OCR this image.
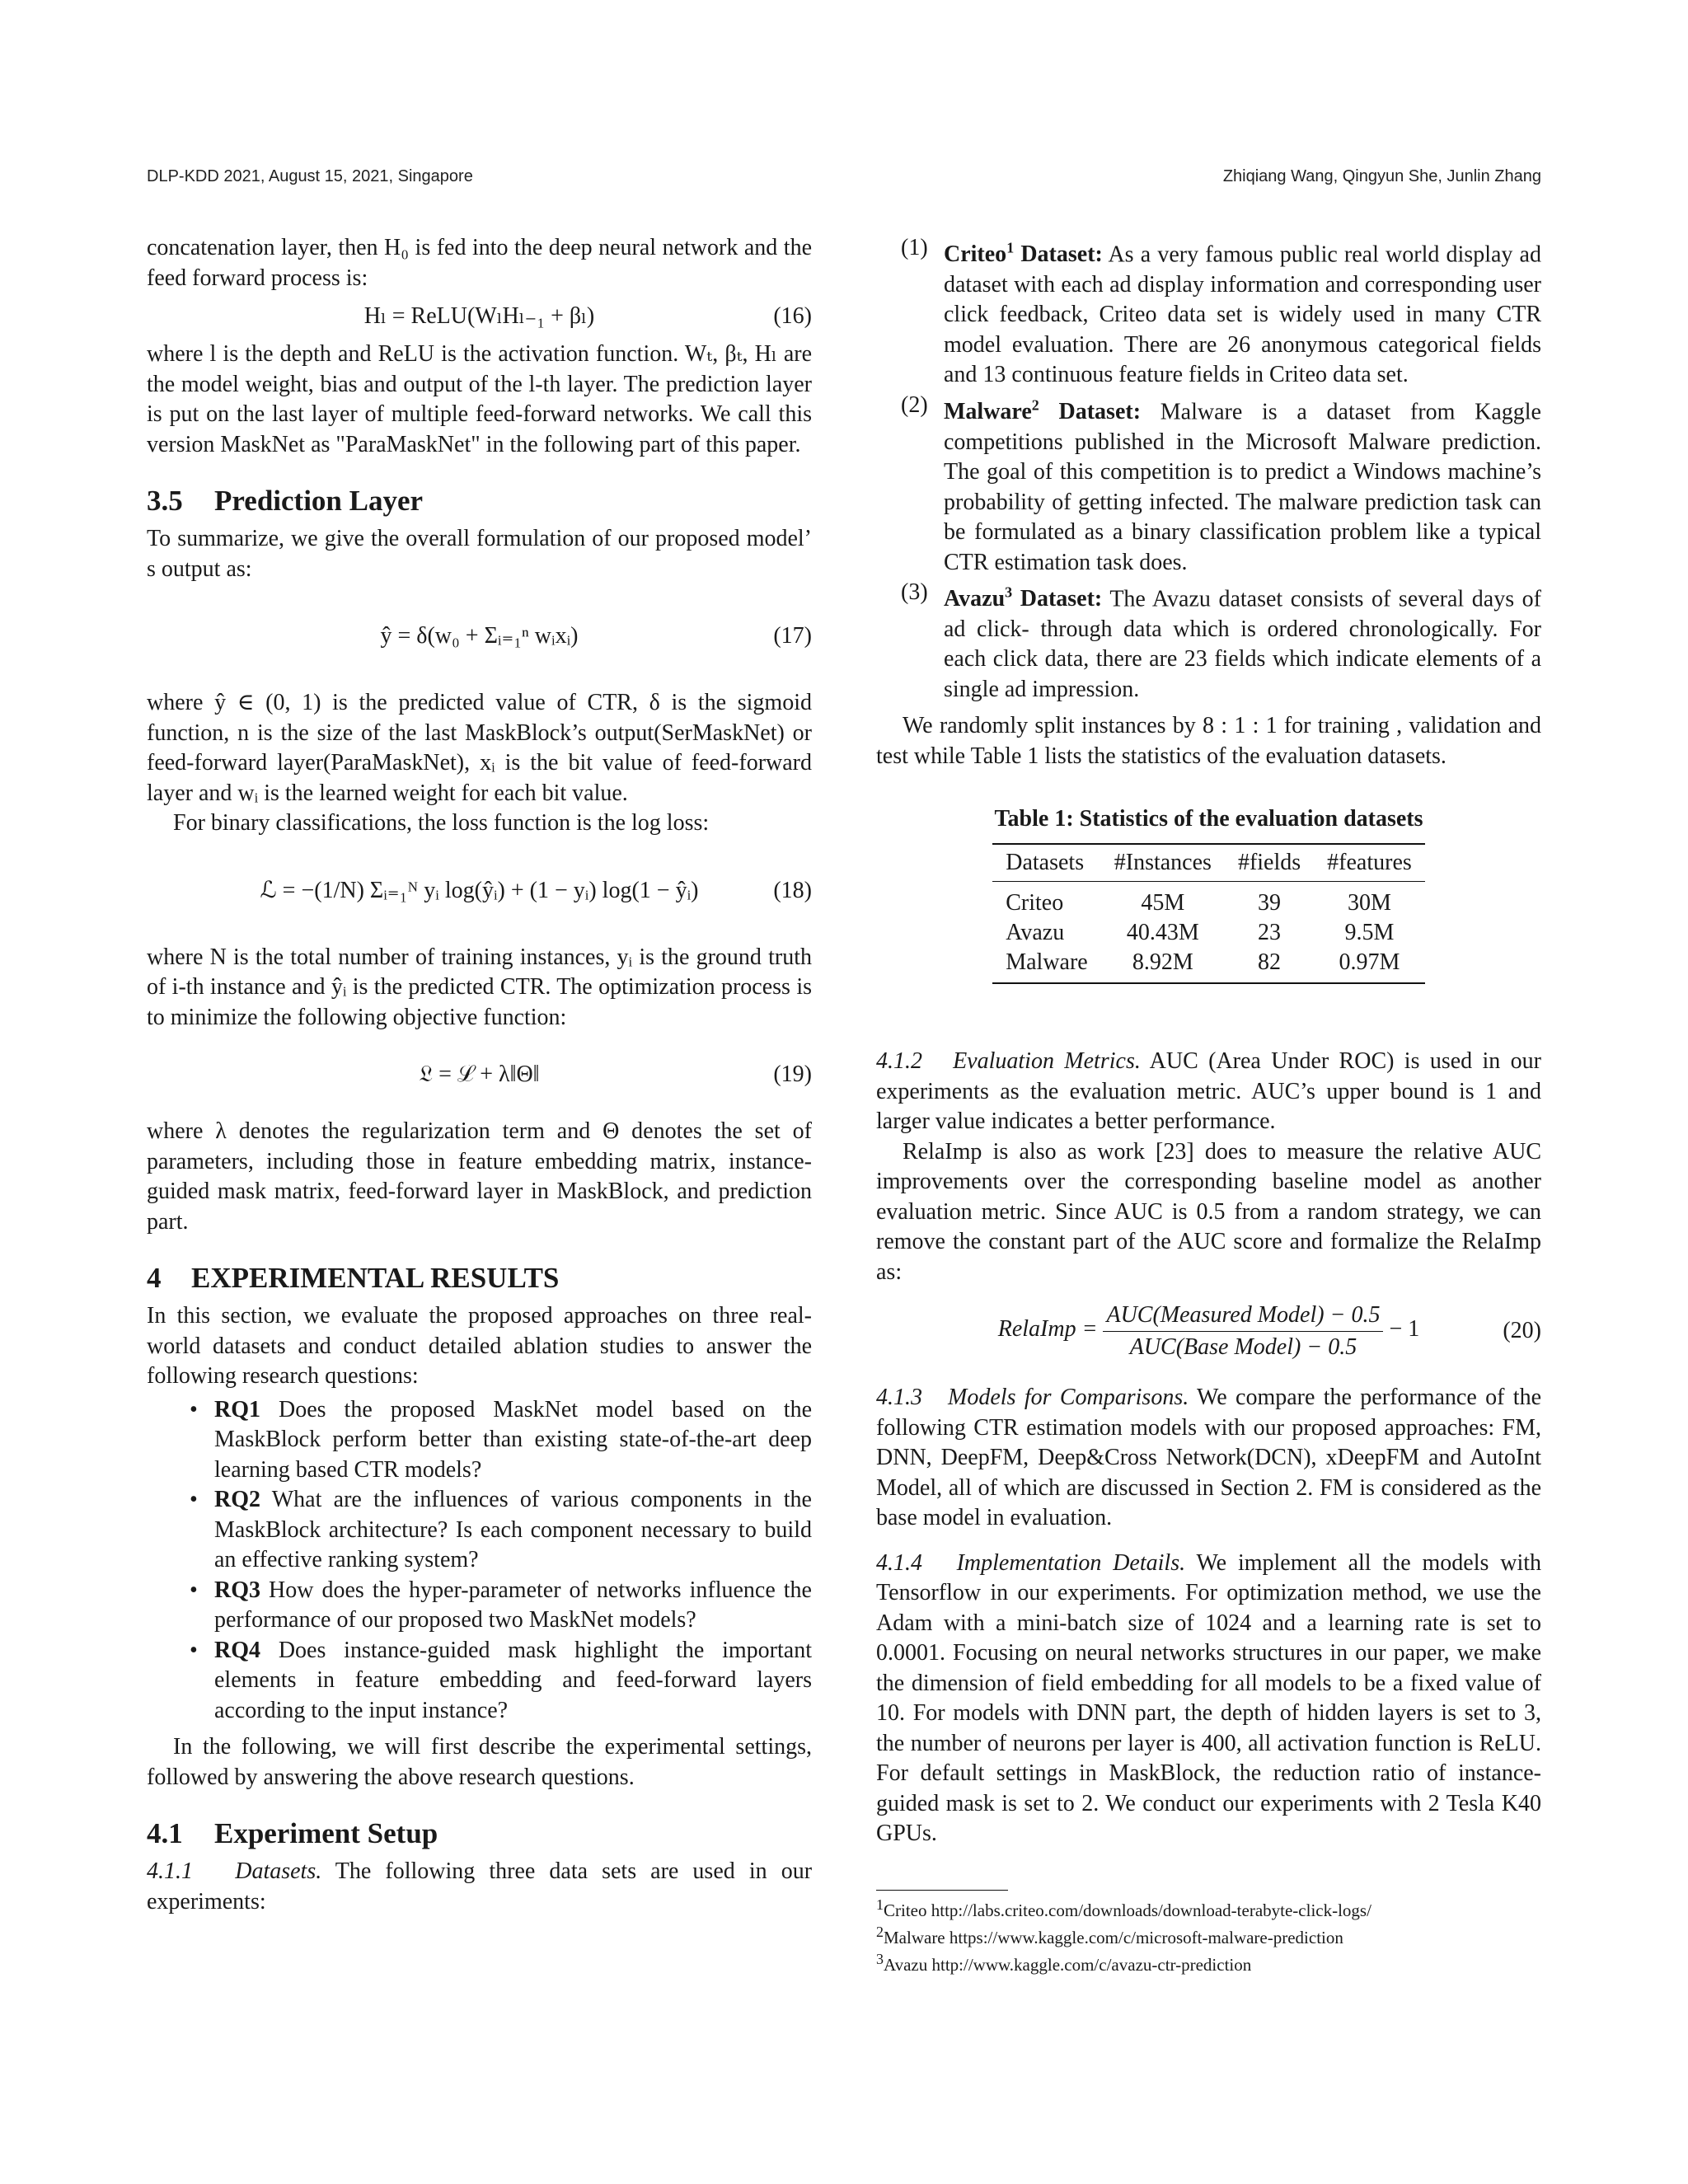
DLP-KDD 2021, August 15, 2021, Singapore	Zhiqiang Wang, Qingyun She, Junlin Zhang

concatenation layer, then H₀ is fed into the deep neural network and the feed forward process is:

Hₗ = ReLU(WₗHₗ₋₁ + βₗ)	(16)

where l is the depth and ReLU is the activation function. Wₜ, βₜ, Hₗ are the model weight, bias and output of the l-th layer. The prediction layer is put on the last layer of multiple feed-forward networks. We call this version MaskNet as "ParaMaskNet" in the following part of this paper.

3.5 Prediction Layer

To summarize, we give the overall formulation of our proposed model’ s output as:

ŷ = δ(w₀ + Σᵢ₌₁ⁿ wᵢxᵢ)	(17)

where ŷ ∈ (0, 1) is the predicted value of CTR, δ is the sigmoid function, n is the size of the last MaskBlock’s output(SerMaskNet) or feed-forward layer(ParaMaskNet), xᵢ is the bit value of feed-forward layer and wᵢ is the learned weight for each bit value.

For binary classifications, the loss function is the log loss:

ℒ = −(1/N) Σᵢ₌₁ᴺ yᵢ log(ŷᵢ) + (1 − yᵢ) log(1 − ŷᵢ)	(18)

where N is the total number of training instances, yᵢ is the ground truth of i-th instance and ŷᵢ is the predicted CTR. The optimization process is to minimize the following objective function:

𝔏 = ℒ + λ‖Θ‖	(19)

where λ denotes the regularization term and Θ denotes the set of parameters, including those in feature embedding matrix, instance-guided mask matrix, feed-forward layer in MaskBlock, and prediction part.

4 EXPERIMENTAL RESULTS

In this section, we evaluate the proposed approaches on three real-world datasets and conduct detailed ablation studies to answer the following research questions:

• RQ1 Does the proposed MaskNet model based on the MaskBlock perform better than existing state-of-the-art deep learning based CTR models?
• RQ2 What are the influences of various components in the MaskBlock architecture? Is each component necessary to build an effective ranking system?
• RQ3 How does the hyper-parameter of networks influence the performance of our proposed two MaskNet models?
• RQ4 Does instance-guided mask highlight the important elements in feature embedding and feed-forward layers according to the input instance?

In the following, we will first describe the experimental settings, followed by answering the above research questions.

4.1 Experiment Setup

4.1.1 Datasets. The following three data sets are used in our experiments:

(1) Criteo$^1$ Dataset: As a very famous public real world display ad dataset with each ad display information and corresponding user click feedback, Criteo data set is widely used in many CTR model evaluation. There are 26 anonymous categorical fields and 13 continuous feature fields in Criteo data set.
(2) Malware$^2$ Dataset: Malware is a dataset from Kaggle competitions published in the Microsoft Malware prediction. The goal of this competition is to predict a Windows machine’s probability of getting infected. The malware prediction task can be formulated as a binary classification problem like a typical CTR estimation task does.
(3) Avazu$^3$ Dataset: The Avazu dataset consists of several days of ad click- through data which is ordered chronologically. For each click data, there are 23 fields which indicate elements of a single ad impression.

We randomly split instances by 8 : 1 : 1 for training , validation and test while Table 1 lists the statistics of the evaluation datasets.

Table 1: Statistics of the evaluation datasets
Datasets	#Instances	#fields	#features
Criteo	45M	39	30M
Avazu	40.43M	23	9.5M
Malware	8.92M	82	0.97M

4.1.2 Evaluation Metrics. AUC (Area Under ROC) is used in our experiments as the evaluation metric. AUC’s upper bound is 1 and larger value indicates a better performance.

RelaImp is also as work [23] does to measure the relative AUC improvements over the corresponding baseline model as another evaluation metric. Since AUC is 0.5 from a random strategy, we can remove the constant part of the AUC score and formalize the RelaImp as:

RelaImp = $\frac{\text{AUC(Measured Model) − 0.5}}{\text{AUC(Base Model) − 0.5}} - 1$	(20)

4.1.3 Models for Comparisons. We compare the performance of the following CTR estimation models with our proposed approaches: FM, DNN, DeepFM, Deep&Cross Network(DCN), xDeepFM and AutoInt Model, all of which are discussed in Section 2. FM is considered as the base model in evaluation.

4.1.4 Implementation Details. We implement all the models with Tensorflow in our experiments. For optimization method, we use the Adam with a mini-batch size of 1024 and a learning rate is set to 0.0001. Focusing on neural networks structures in our paper, we make the dimension of field embedding for all models to be a fixed value of 10. For models with DNN part, the depth of hidden layers is set to 3, the number of neurons per layer is 400, all activation function is ReLU. For default settings in MaskBlock, the reduction ratio of instance-guided mask is set to 2. We conduct our experiments with 2 Tesla K40 GPUs.

$^1$Criteo http://labs.criteo.com/downloads/download-terabyte-click-logs/
$^2$Malware https://www.kaggle.com/c/microsoft-malware-prediction
$^3$Avazu http://www.kaggle.com/c/avazu-ctr-prediction
